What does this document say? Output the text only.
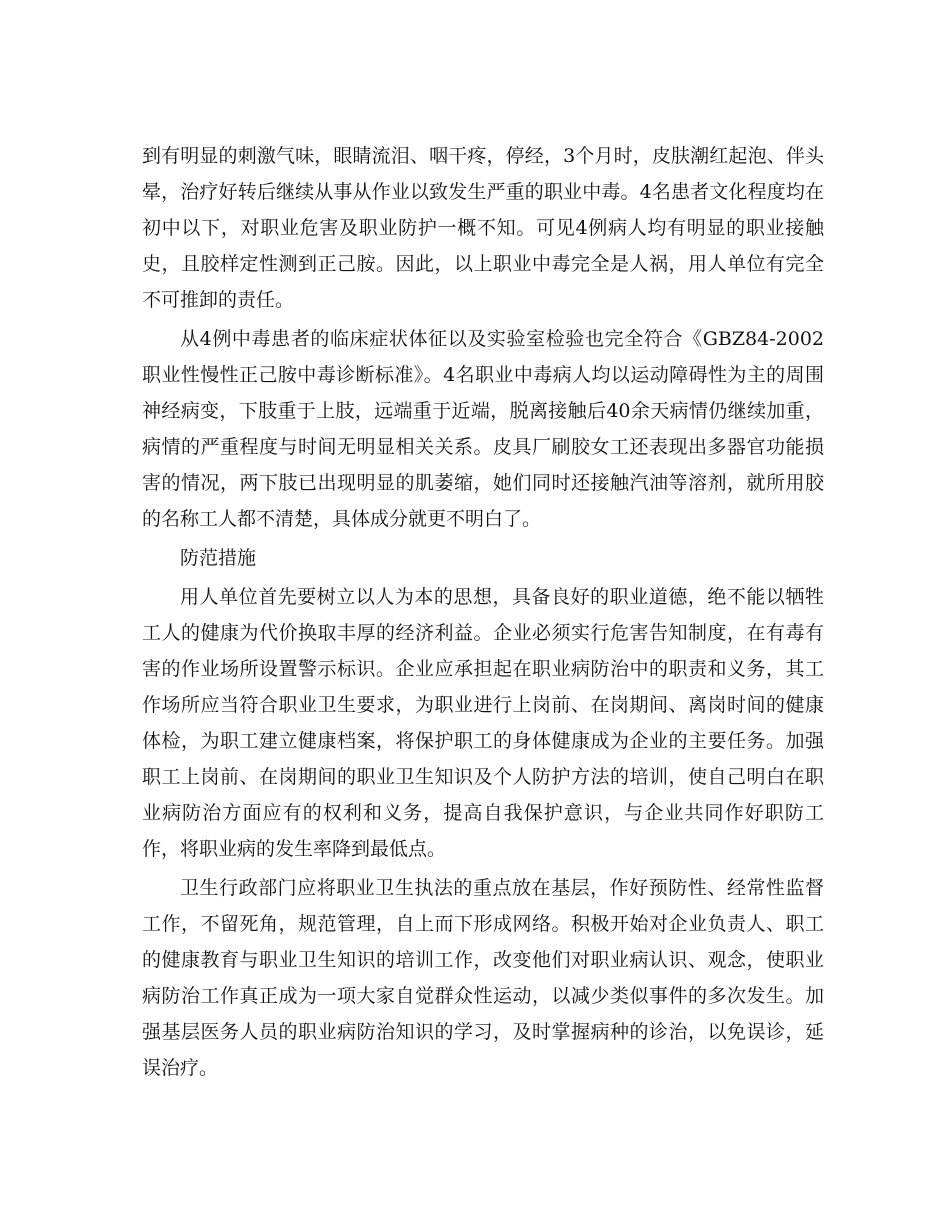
到有明显的刺激气味，眼睛流泪、咽干疼，停经，3个月时，皮肤潮红起泡、伴头晕，治疗好转后继续从事从作业以致发生严重的职业中毒。4名患者文化程度均在初中以下，对职业危害及职业防护一概不知。可见4例病人均有明显的职业接触史，且胶样定性测到正己胺。因此，以上职业中毒完全是人祸，用人单位有完全不可推卸的责任。

从4例中毒患者的临床症状体征以及实验室检验也完全符合《GBZ84-2002职业性慢性正己胺中毒诊断标准》。4名职业中毒病人均以运动障碍性为主的周围神经病变，下肢重于上肢，远端重于近端，脱离接触后40余天病情仍继续加重，病情的严重程度与时间无明显相关关系。皮具厂刷胶女工还表现出多器官功能损害的情况，两下肢已出现明显的肌萎缩，她们同时还接触汽油等溶剂，就所用胶的名称工人都不清楚，具体成分就更不明白了。

防范措施

用人单位首先要树立以人为本的思想，具备良好的职业道德，绝不能以牺牲工人的健康为代价换取丰厚的经济利益。企业必须实行危害告知制度，在有毒有害的作业场所设置警示标识。企业应承担起在职业病防治中的职责和义务，其工作场所应当符合职业卫生要求，为职业进行上岗前、在岗期间、离岗时间的健康体检，为职工建立健康档案，将保护职工的身体健康成为企业的主要任务。加强职工上岗前、在岗期间的职业卫生知识及个人防护方法的培训，使自己明白在职业病防治方面应有的权利和义务，提高自我保护意识，与企业共同作好职防工作，将职业病的发生率降到最低点。

卫生行政部门应将职业卫生执法的重点放在基层，作好预防性、经常性监督工作，不留死角，规范管理，自上而下形成网络。积极开始对企业负责人、职工的健康教育与职业卫生知识的培训工作，改变他们对职业病认识、观念，使职业病防治工作真正成为一项大家自觉群众性运动，以减少类似事件的多次发生。加强基层医务人员的职业病防治知识的学习，及时掌握病种的诊治，以免误诊，延误治疗。
